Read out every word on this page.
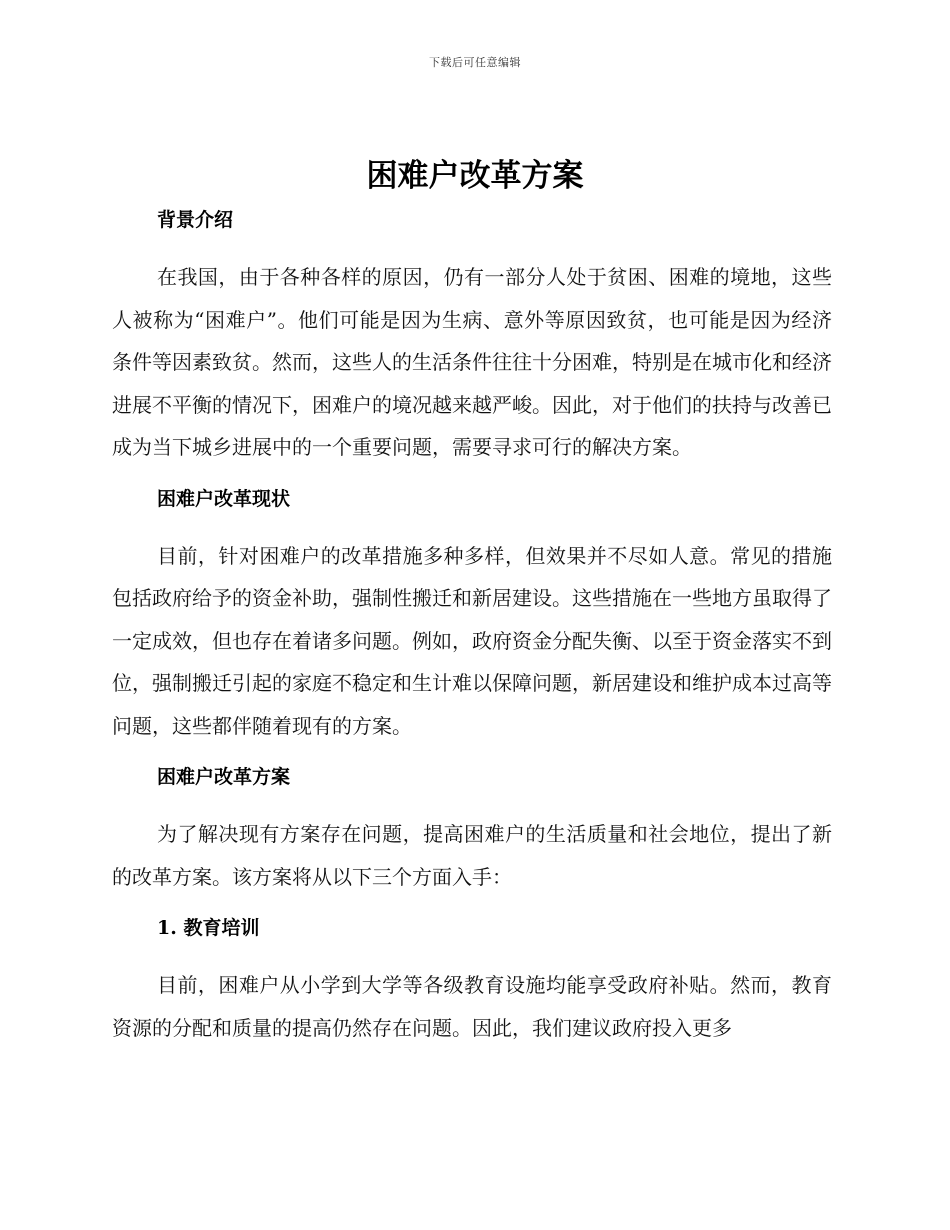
下载后可任意编辑
困难户改革方案
背景介绍

在我国，由于各种各样的原因，仍有一部分人处于贫困、困难的境地，这些人被称为“困难户”。他们可能是因为生病、意外等原因致贫，也可能是因为经济条件等因素致贫。然而，这些人的生活条件往往十分困难，特别是在城市化和经济进展不平衡的情况下，困难户的境况越来越严峻。因此，对于他们的扶持与改善已成为当下城乡进展中的一个重要问题，需要寻求可行的解决方案。

困难户改革现状

目前，针对困难户的改革措施多种多样，但效果并不尽如人意。常见的措施包括政府给予的资金补助，强制性搬迁和新居建设。这些措施在一些地方虽取得了一定成效，但也存在着诸多问题。例如，政府资金分配失衡、以至于资金落实不到位，强制搬迁引起的家庭不稳定和生计难以保障问题，新居建设和维护成本过高等问题，这些都伴随着现有的方案。

困难户改革方案

为了解决现有方案存在问题，提高困难户的生活质量和社会地位，提出了新的改革方案。该方案将从以下三个方面入手：

1. 教育培训

目前，困难户从小学到大学等各级教育设施均能享受政府补贴。然而，教育资源的分配和质量的提高仍然存在问题。因此，我们建议政府投入更多
